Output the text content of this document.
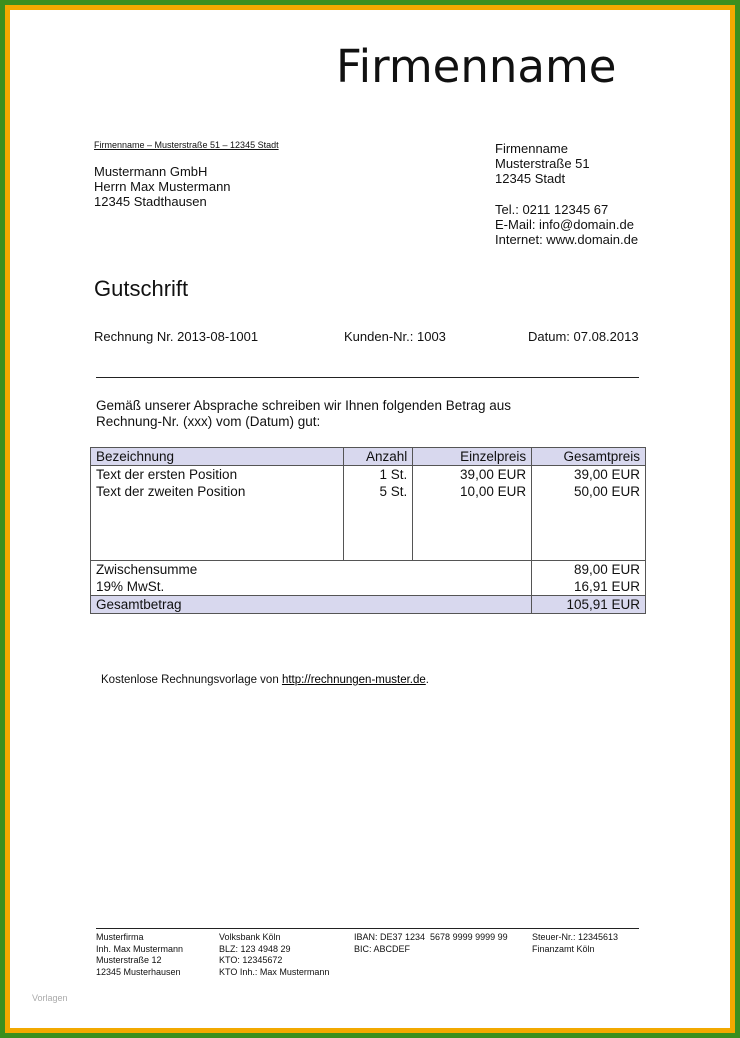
Firmenname
Firmenname – Musterstraße 51 – 12345 Stadt
Mustermann GmbH
Herrn Max Mustermann
12345 Stadthausen
Firmenname
Musterstraße 51
12345 Stadt
Tel.: 0211 12345 67
E-Mail: info@domain.de
Internet: www.domain.de
Gutschrift
Rechnung Nr. 2013-08-1001	Kunden-Nr.: 1003	Datum: 07.08.2013
Gemäß unserer Absprache schreiben wir Ihnen folgenden Betrag aus
Rechnung-Nr. (xxx) vom (Datum) gut:
Bezeichnung	Anzahl	Einzelpreis	Gesamtpreis
Text der ersten Position	1 St.	39,00 EUR	39,00 EUR
Text der zweiten Position	5 St.	10,00 EUR	50,00 EUR

Zwischensumme			89,00 EUR
19% MwSt.			16,91 EUR
Gesamtbetrag			105,91 EUR
Kostenlose Rechnungsvorlage von http://rechnungen-muster.de.
Musterfirma
Inh. Max Mustermann
Musterstraße 12
12345 Musterhausen
Volksbank Köln
BLZ: 123 4948 29
KTO: 12345672
KTO Inh.: Max Mustermann
IBAN: DE37 1234  5678 9999 9999 99
BIC: ABCDEF
Steuer-Nr.: 12345613
Finanzamt Köln
Vorlagen
